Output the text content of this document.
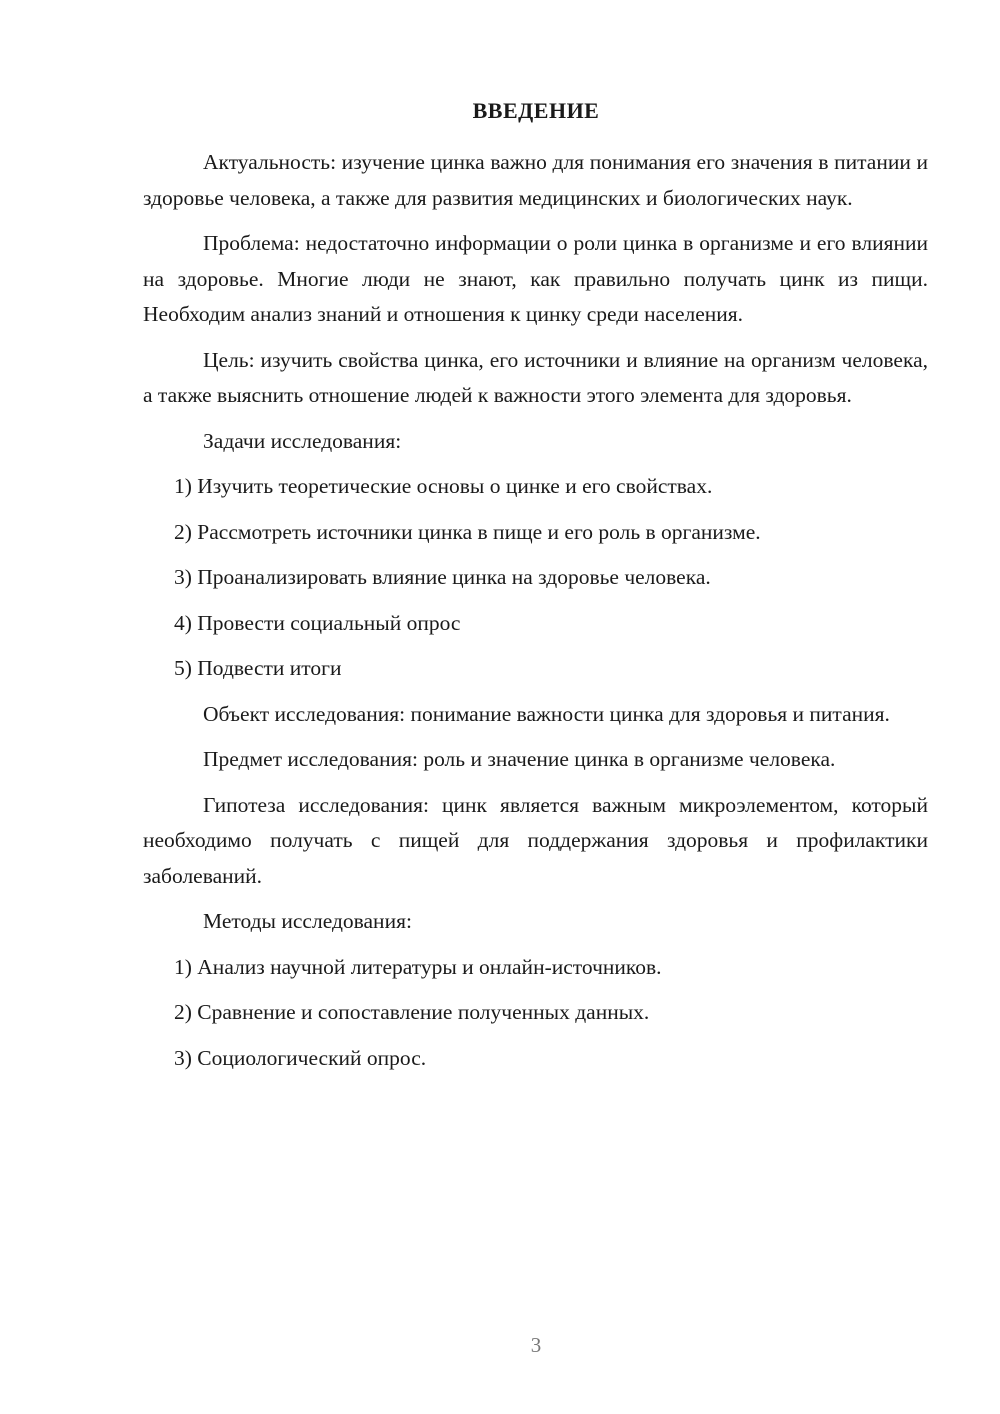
ВВЕДЕНИЕ

Актуальность: изучение цинка важно для понимания его значения в питании и здоровье человека, а также для развития медицинских и биологических наук.

Проблема: недостаточно информации о роли цинка в организме и его влиянии на здоровье. Многие люди не знают, как правильно получать цинк из пищи. Необходим анализ знаний и отношения к цинку среди населения.

Цель: изучить свойства цинка, его источники и влияние на организм человека, а также выяснить отношение людей к важности этого элемента для здоровья.

Задачи исследования:

1) Изучить теоретические основы о цинке и его свойствах.

2) Рассмотреть источники цинка в пище и его роль в организме.

3) Проанализировать влияние цинка на здоровье человека.

4) Провести социальный опрос

5) Подвести итоги

Объект исследования: понимание важности цинка для здоровья и питания.

Предмет исследования: роль и значение цинка в организме человека.

Гипотеза исследования: цинк является важным микроэлементом, который необходимо получать с пищей для поддержания здоровья и профилактики заболеваний.

Методы исследования:

1) Анализ научной литературы и онлайн-источников.

2) Сравнение и сопоставление полученных данных.

3) Социологический опрос.

3
